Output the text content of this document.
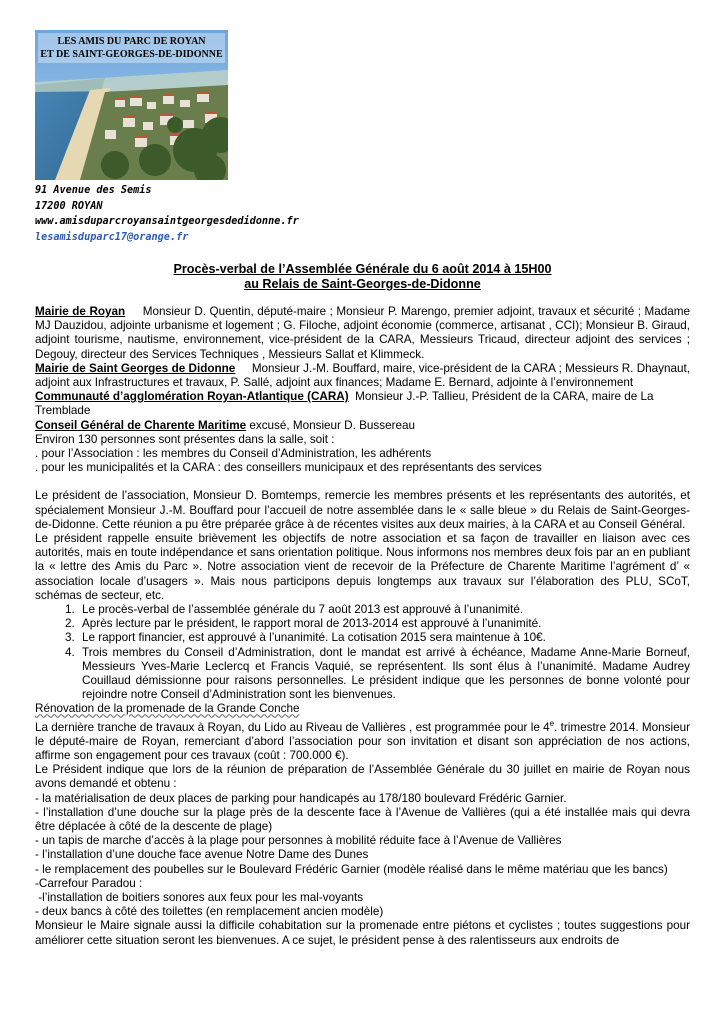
LES AMIS DU PARC DE ROYAN
ET DE SAINT-GEORGES-DE-DIDONNE
91 Avenue des Semis
17200 ROYAN
www.amisduparcroyansaintgeorgesdedidonne.fr
lesamisduparc17@orange.fr
Procès-verbal de l’Assemblée Générale du 6 août 2014 à 15H00
au Relais de Saint-Georges-de-Didonne

Mairie de Royan Monsieur D. Quentin, député-maire ; Monsieur P. Marengo, premier adjoint, travaux et sécurité ; Madame MJ Dauzidou, adjointe urbanisme et logement ; G. Filoche, adjoint économie (commerce, artisanat , CCI); Monsieur B. Giraud, adjoint tourisme, nautisme, environnement, vice-président de la CARA, Messieurs Tricaud, directeur adjoint des services ; Degouy, directeur des Services Techniques , Messieurs Sallat et Klimmeck.

Mairie de Saint Georges de Didonne Monsieur J.-M. Bouffard, maire, vice-président de la CARA ; Messieurs R. Dhaynaut, adjoint aux Infrastructures et travaux, P. Sallé, adjoint aux finances; Madame E. Bernard, adjointe à l’environnement

Communauté d’agglomération Royan-Atlantique (CARA) Monsieur J.-P. Tallieu, Président de la CARA, maire de La Tremblade

Conseil Général de Charente Maritime excusé, Monsieur D. Bussereau

Environ 130 personnes sont présentes dans la salle, soit :

. pour l’Association : les membres du Conseil d’Administration, les adhérents

. pour les municipalités et la CARA : des conseillers municipaux et des représentants des services

Le président de l’association, Monsieur D. Bomtemps, remercie les membres présents et les représentants des autorités, et spécialement Monsieur J.-M. Bouffard pour l’accueil de notre assemblée dans le « salle bleue » du Relais de Saint-Georges-de-Didonne. Cette réunion a pu être préparée grâce à de récentes visites aux deux mairies, à la CARA et au Conseil Général.

Le président rappelle ensuite brièvement les objectifs de notre association et sa façon de travailler en liaison avec ces autorités, mais en toute indépendance et sans orientation politique. Nous informons nos membres deux fois par an en publiant la « lettre des Amis du Parc ». Notre association vient de recevoir de la Préfecture de Charente Maritime l’agrément d’ « association locale d’usagers ». Mais nous participons depuis longtemps aux travaux sur l’élaboration des PLU, SCoT, schémas de secteur, etc.

1. Le procès-verbal de l’assemblée générale du 7 août 2013 est approuvé à l’unanimité.
2. Après lecture par le président, le rapport moral de 2013-2014 est approuvé à l’unanimité.
3. Le rapport financier, est approuvé à l’unanimité. La cotisation 2015 sera maintenue à 10€.
4. Trois membres du Conseil d’Administration, dont le mandat est arrivé à échéance, Madame Anne-Marie Borneuf, Messieurs Yves-Marie Leclercq et Francis Vaquié, se représentent. Ils sont élus à l’unanimité. Madame Audrey Couillaud démissionne pour raisons personnelles. Le président indique que les personnes de bonne volonté pour rejoindre notre Conseil d’Administration sont les bienvenues.

Rénovation de la promenade de la Grande Conche

La dernière tranche de travaux à Royan, du Lido au Riveau de Vallières , est programmée pour le 4e. trimestre 2014. Monsieur le député-maire de Royan, remerciant d’abord l’association pour son invitation et disant son appréciation de nos actions, affirme son engagement pour ces travaux (coût : 700.000 €).

Le Président indique que lors de la réunion de préparation de l’Assemblée Générale du 30 juillet en mairie de Royan nous avons demandé et obtenu :

- la matérialisation de deux places de parking pour handicapés au 178/180 boulevard Frédéric Garnier.

- l’installation d’une douche sur la plage près de la descente face à l’Avenue de Vallières (qui a été installée mais qui devra être déplacée à côté de la descente de plage)

- un tapis de marche d’accès à la plage pour personnes à mobilité réduite face à l’Avenue de Vallières

- l’installation d’une douche face avenue Notre Dame des Dunes

- le remplacement des poubelles sur le Boulevard Frédéric Garnier (modèle réalisé dans le même matériau que les bancs)

-Carrefour Paradou :

-l’installation de boitiers sonores aux feux pour les mal-voyants

- deux bancs à côté des toilettes (en remplacement ancien modèle)

Monsieur le Maire signale aussi la difficile cohabitation sur la promenade entre piétons et cyclistes ; toutes suggestions pour améliorer cette situation seront les bienvenues. A ce sujet, le président pense à des ralentisseurs aux endroits de
